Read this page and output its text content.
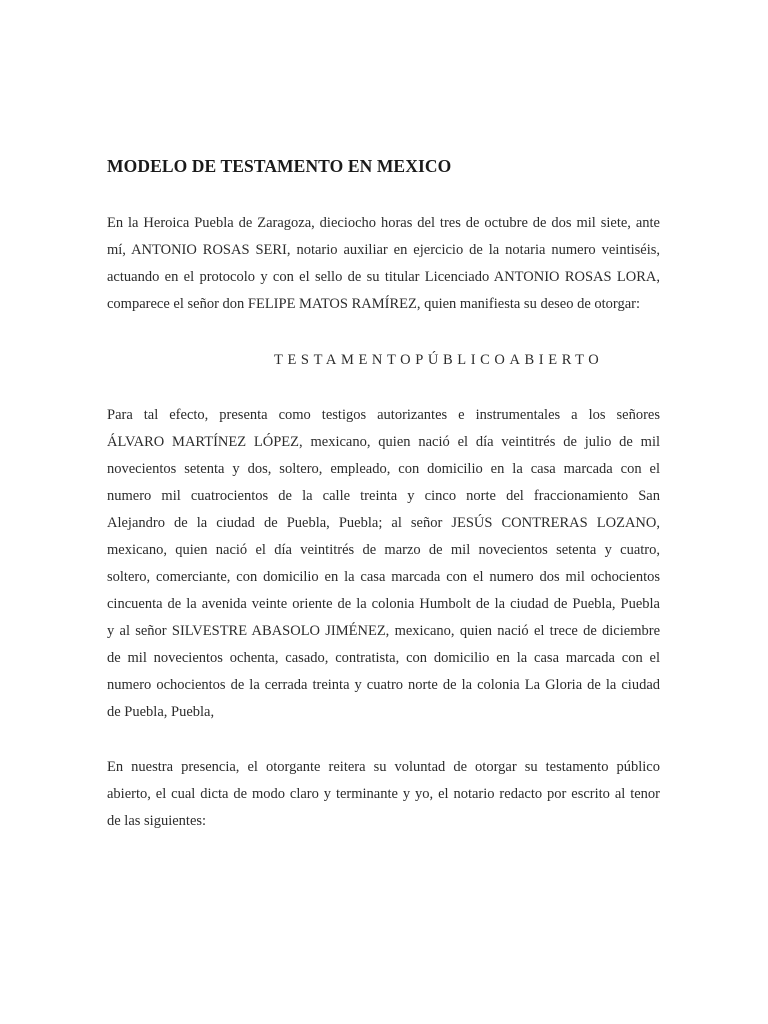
MODELO DE TESTAMENTO EN MEXICO
En la Heroica Puebla de Zaragoza, dieciocho horas del tres de octubre de dos mil siete, ante
mí, ANTONIO ROSAS SERI, notario auxiliar en ejercicio de la notaria numero veintiséis,
actuando en el protocolo y con el sello de su titular Licenciado ANTONIO ROSAS LORA,
comparece el señor don FELIPE MATOS RAMÍREZ, quien manifiesta su deseo de otorgar:
TESTAMENTOPÚBLICOABIERTO
Para tal efecto, presenta como testigos autorizantes e instrumentales a los señores
ÁLVARO MARTÍNEZ LÓPEZ, mexicano, quien nació el día veintitrés de julio de mil
novecientos setenta y dos, soltero, empleado, con domicilio en la casa marcada con el
numero mil cuatrocientos de la calle treinta y cinco norte del fraccionamiento San
Alejandro de la ciudad de Puebla, Puebla; al señor JESÚS CONTRERAS LOZANO,
mexicano, quien nació el día veintitrés de marzo de mil novecientos setenta y cuatro,
soltero, comerciante, con domicilio en la casa marcada con el numero dos mil ochocientos
cincuenta de la avenida veinte oriente de la colonia Humbolt de la ciudad de Puebla, Puebla
y al señor SILVESTRE ABASOLO JIMÉNEZ, mexicano, quien nació el trece de diciembre
de mil novecientos ochenta, casado, contratista, con domicilio en la casa marcada con el
numero ochocientos de la cerrada treinta y cuatro norte de la colonia La Gloria de la ciudad
de Puebla, Puebla,
En nuestra presencia, el otorgante reitera su voluntad de otorgar su testamento público
abierto, el cual dicta de modo claro y terminante y yo, el notario redacto por escrito al tenor
de las siguientes:
